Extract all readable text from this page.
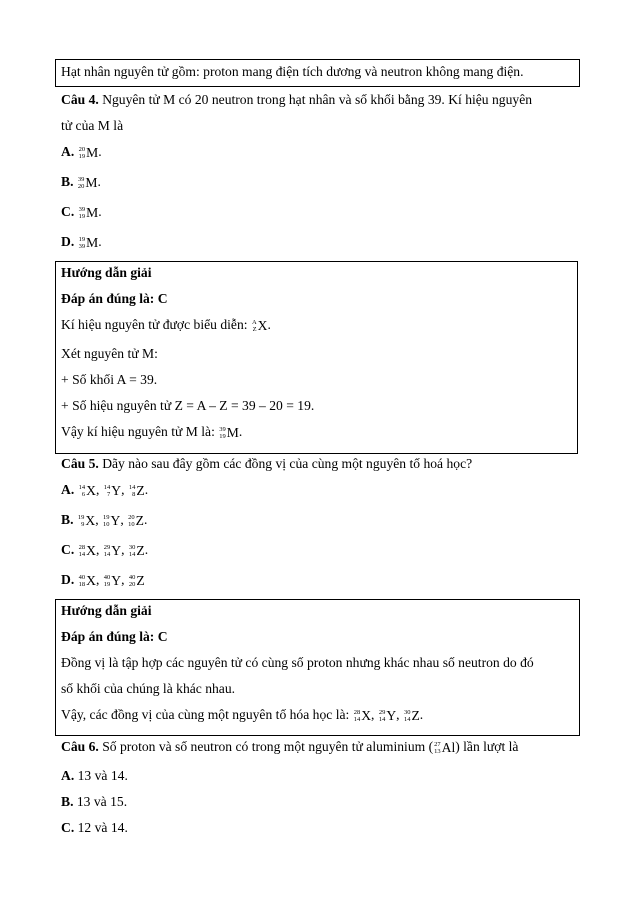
Hạt nhân nguyên tử gồm: proton mang điện tích dương và neutron không mang điện.
Câu 4. Nguyên tử M có 20 neutron trong hạt nhân và số khối bằng 39. Kí hiệu nguyên
tử của M là
A. 20
19 M .
B. 39
20 M .
C. 39
19 M .
D. 19
39 M .
Hướng dẫn giải
Đáp án đúng là: C
Kí hiệu nguyên tử được biểu diễn: A
Z X .
Xét nguyên tử M:
+ Số khối A = 39.
+ Số hiệu nguyên tử Z = A – Z = 39 – 20 = 19.
Vậy kí hiệu nguyên tử M là: 39
19 M .
Câu 5. Dãy nào sau đây gồm các đồng vị của cùng một nguyên tố hoá học?
A. 14
6 X , 14
7 Y , 14
8 Z .
B. 19
9 X , 19
10 Y , 20
10 Z .
C. 28
14 X , 29
14 Y , 30
14 Z .
D. 40
18 X , 40
19 Y , 40
20 Z
Hướng dẫn giải
Đáp án đúng là: C
Đồng vị là tập hợp các nguyên tử có cùng số proton nhưng khác nhau số neutron do đó
số khối của chúng là khác nhau.
Vậy, các đồng vị của cùng một nguyên tố hóa học là: 28
14 X , 29
14 Y , 30
14 Z .
Câu 6. Số proton và số neutron có trong một nguyên tử aluminium ( 27
13 Al ) lần lượt là
A. 13 và 14.
B. 13 và 15.
C. 12 và 14.
